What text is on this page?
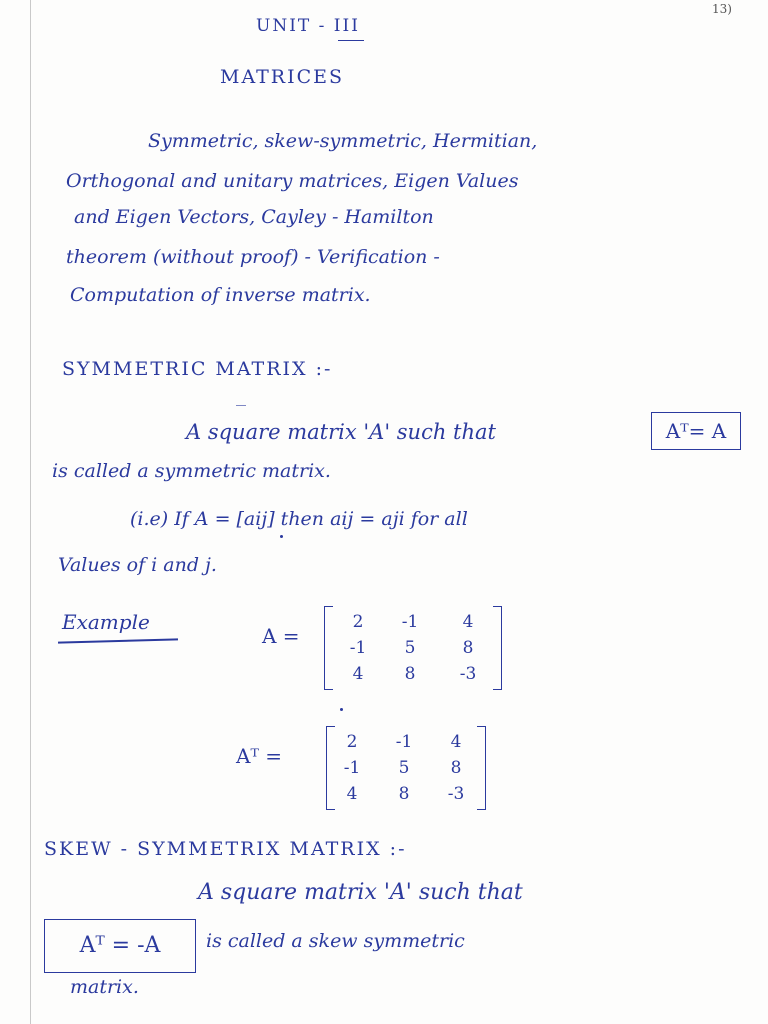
13)
UNIT - III
MATRICES
Symmetric, skew-symmetric, Hermitian,
Orthogonal and unitary matrices, Eigen Values
and Eigen Vectors, Cayley - Hamilton
theorem (without proof) - Verification -
Computation of inverse matrix.
SYMMETRIC MATRIX :-
A square matrix 'A' such that	Aᵀ= A
is called a symmetric matrix.
(i.e) If A = [aij] then aij = aji for all
Values of i and j.
Example
A =
2	-1	4
-1	5	8
4	8	-3
Aᵀ =
2	-1	4
-1	5	8
4	8	-3
SKEW - SYMMETRIX MATRIX :-
A square matrix 'A' such that
Aᵀ = -A	is called a skew symmetric
matrix.
